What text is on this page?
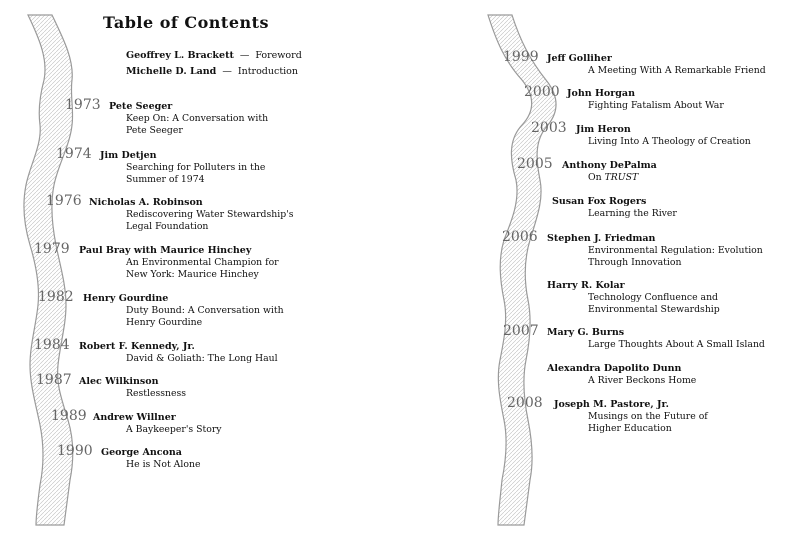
Table of Contents
Geoffrey L. Brackett — Foreword
Michelle D. Land — Introduction
1973 Pete Seeger
Keep On: A Conversation with
Pete Seeger
1974 Jim Detjen
Searching for Polluters in the
Summer of 1974
1976 Nicholas A. Robinson
Rediscovering Water Stewardship's
Legal Foundation
1979 Paul Bray with Maurice Hinchey
An Environmental Champion for
New York: Maurice Hinchey
1982 Henry Gourdine
Duty Bound: A Conversation with
Henry Gourdine
1984 Robert F. Kennedy, Jr.
David & Goliath: The Long Haul
1987 Alec Wilkinson
Restlessness
1989 Andrew Willner
A Baykeeper's Story
1990 George Ancona
He is Not Alone
1999 Jeff Golliher
A Meeting With A Remarkable Friend
2000 John Horgan
Fighting Fatalism About War
2003 Jim Heron
Living Into A Theology of Creation
2005 Anthony DePalma
On TRUST
Susan Fox Rogers
Learning the River
2006 Stephen J. Friedman
Environmental Regulation: Evolution
Through Innovation
Harry R. Kolar
Technology Confluence and
Environmental Stewardship
2007 Mary G. Burns
Large Thoughts About A Small Island
Alexandra Dapolito Dunn
A River Beckons Home
2008 Joseph M. Pastore, Jr.
Musings on the Future of
Higher Education
